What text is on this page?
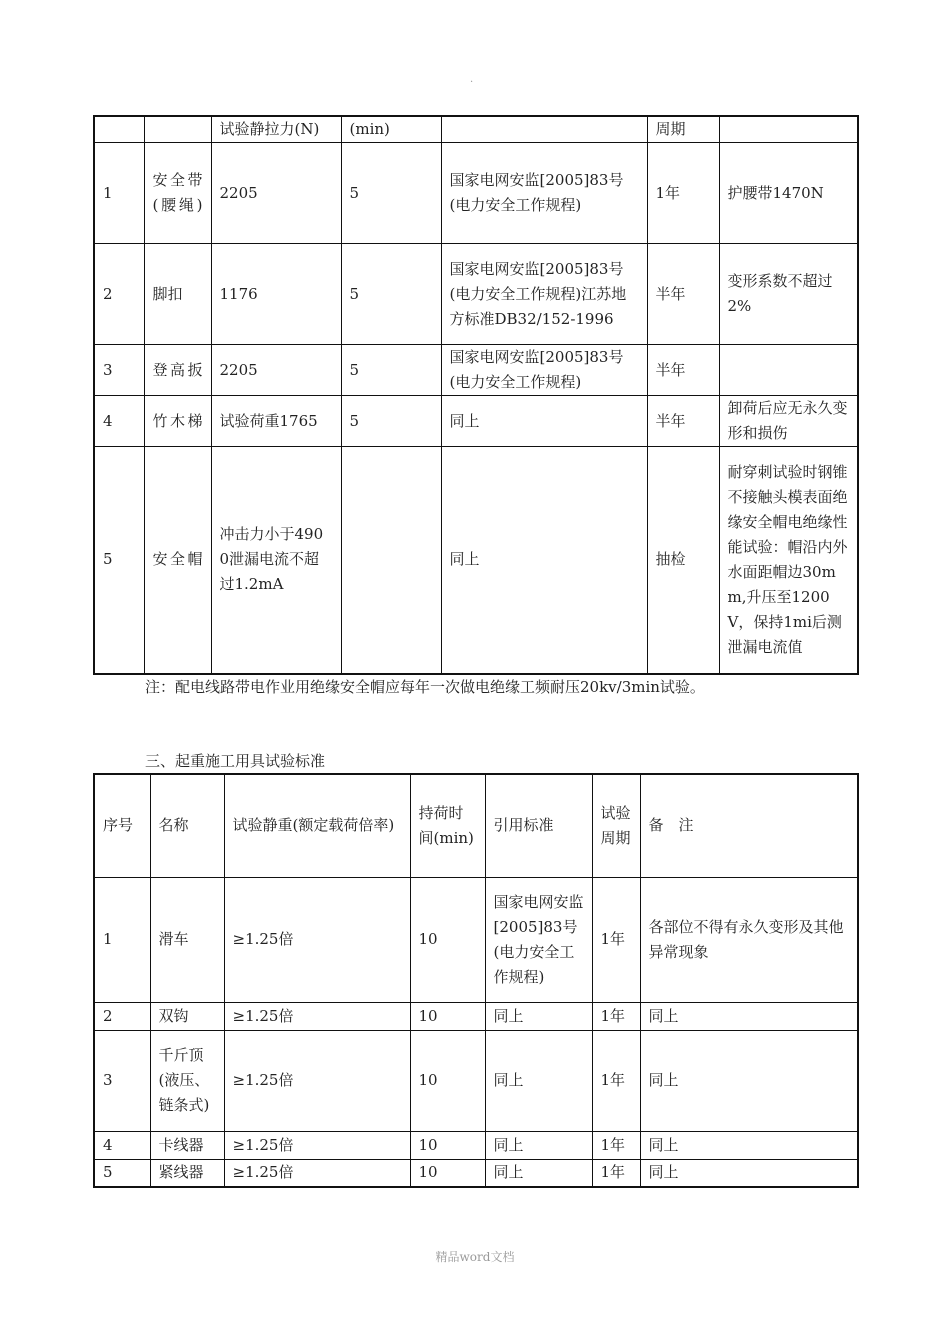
.
		试验静拉力(N)	(min)		周期	
1	安全带(腰绳)	2205	5	国家电网安监[2005]83号(电力安全工作规程)	1年	护腰带1470N
2	脚扣	1176	5	国家电网安监[2005]83号(电力安全工作规程)江苏地方标准DB32/152-1996	半年	变形系数不超过2%
3	登高扳	2205	5	国家电网安监[2005]83号(电力安全工作规程)	半年	
4	竹木梯	试验荷重1765	5	同上	半年	卸荷后应无永久变形和损伤
5	安全帽	冲击力小于4900泄漏电流不超过1.2mA		同上	抽检	耐穿刺试验时钢锥不接触头模表面绝缘安全帽电绝缘性能试验：帽沿内外水面距帽边30mm,升压至1200V，保持1mi后测泄漏电流值
注：配电线路带电作业用绝缘安全帽应每年一次做电绝缘工频耐压20kv/3min试验。
三、起重施工用具试验标准
序号	名称	试验静重(额定载荷倍率)	持荷时间(min)	引用标准	试验周期	备　注
1	滑车	≥1.25倍	10	国家电网安监[2005]83号(电力安全工作规程)	1年	各部位不得有永久变形及其他异常现象
2	双钩	≥1.25倍	10	同上	1年	同上
3	千斤顶(液压、链条式)	≥1.25倍	10	同上	1年	同上
4	卡线器	≥1.25倍	10	同上	1年	同上
5	紧线器	≥1.25倍	10	同上	1年	同上
精品word文档
